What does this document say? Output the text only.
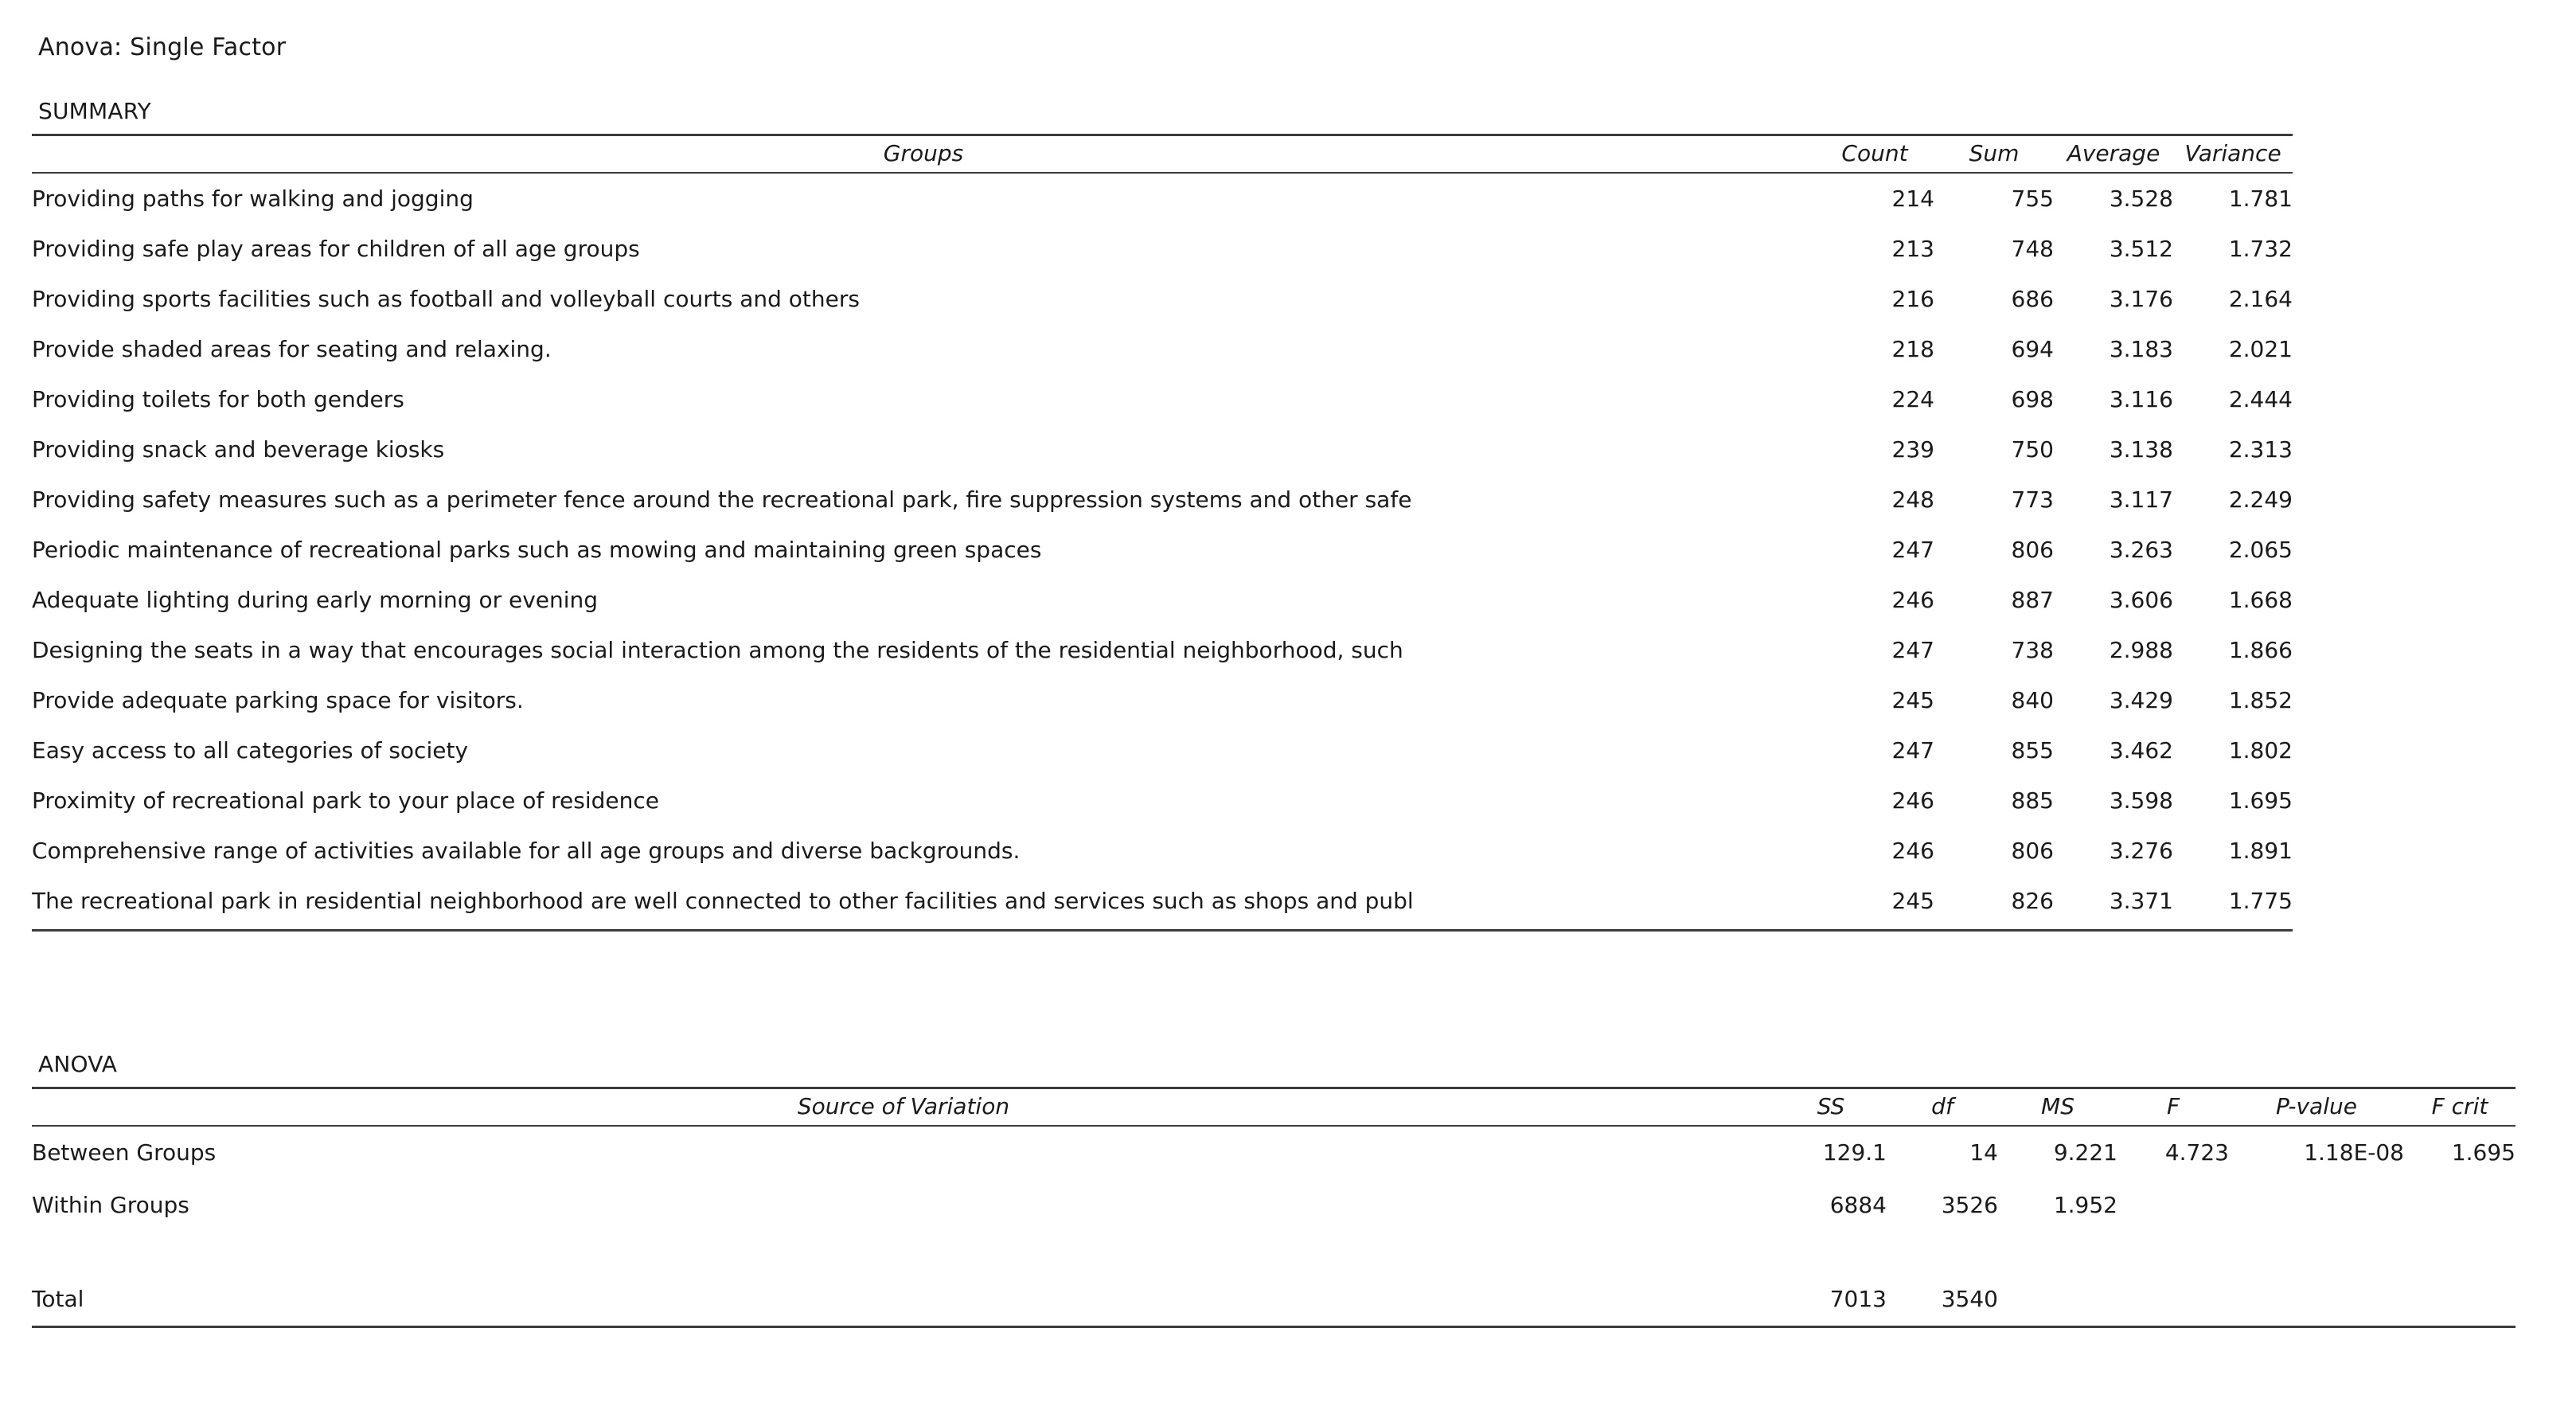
Anova: Single Factor
SUMMARY
Groups	Count	Sum	Average	Variance
Providing paths for walking and jogging	214	755	3.528	1.781
Providing safe play areas for children of all age groups	213	748	3.512	1.732
Providing sports facilities such as football and volleyball courts and others	216	686	3.176	2.164
Provide shaded areas for seating and relaxing.	218	694	3.183	2.021
Providing toilets for both genders	224	698	3.116	2.444
Providing snack and beverage kiosks	239	750	3.138	2.313
Providing safety measures such as a perimeter fence around the recreational park, fire suppression systems and other safe	248	773	3.117	2.249
Periodic maintenance of recreational parks such as mowing and maintaining green spaces	247	806	3.263	2.065
Adequate lighting during early morning or evening	246	887	3.606	1.668
Designing the seats in a way that encourages social interaction among the residents of the residential neighborhood, such	247	738	2.988	1.866
Provide adequate parking space for visitors.	245	840	3.429	1.852
Easy access to all categories of society	247	855	3.462	1.802
Proximity of recreational park to your place of residence	246	885	3.598	1.695
Comprehensive range of activities available for all age groups and diverse backgrounds.	246	806	3.276	1.891
The recreational park in residential neighborhood are well connected to other facilities and services such as shops and publ	245	826	3.371	1.775
ANOVA
Source of Variation	SS	df	MS	F	P-value	F crit
Between Groups	129.1	14	9.221	4.723	1.18E-08	1.695
Within Groups	6884	3526	1.952			

Total	7013	3540				
